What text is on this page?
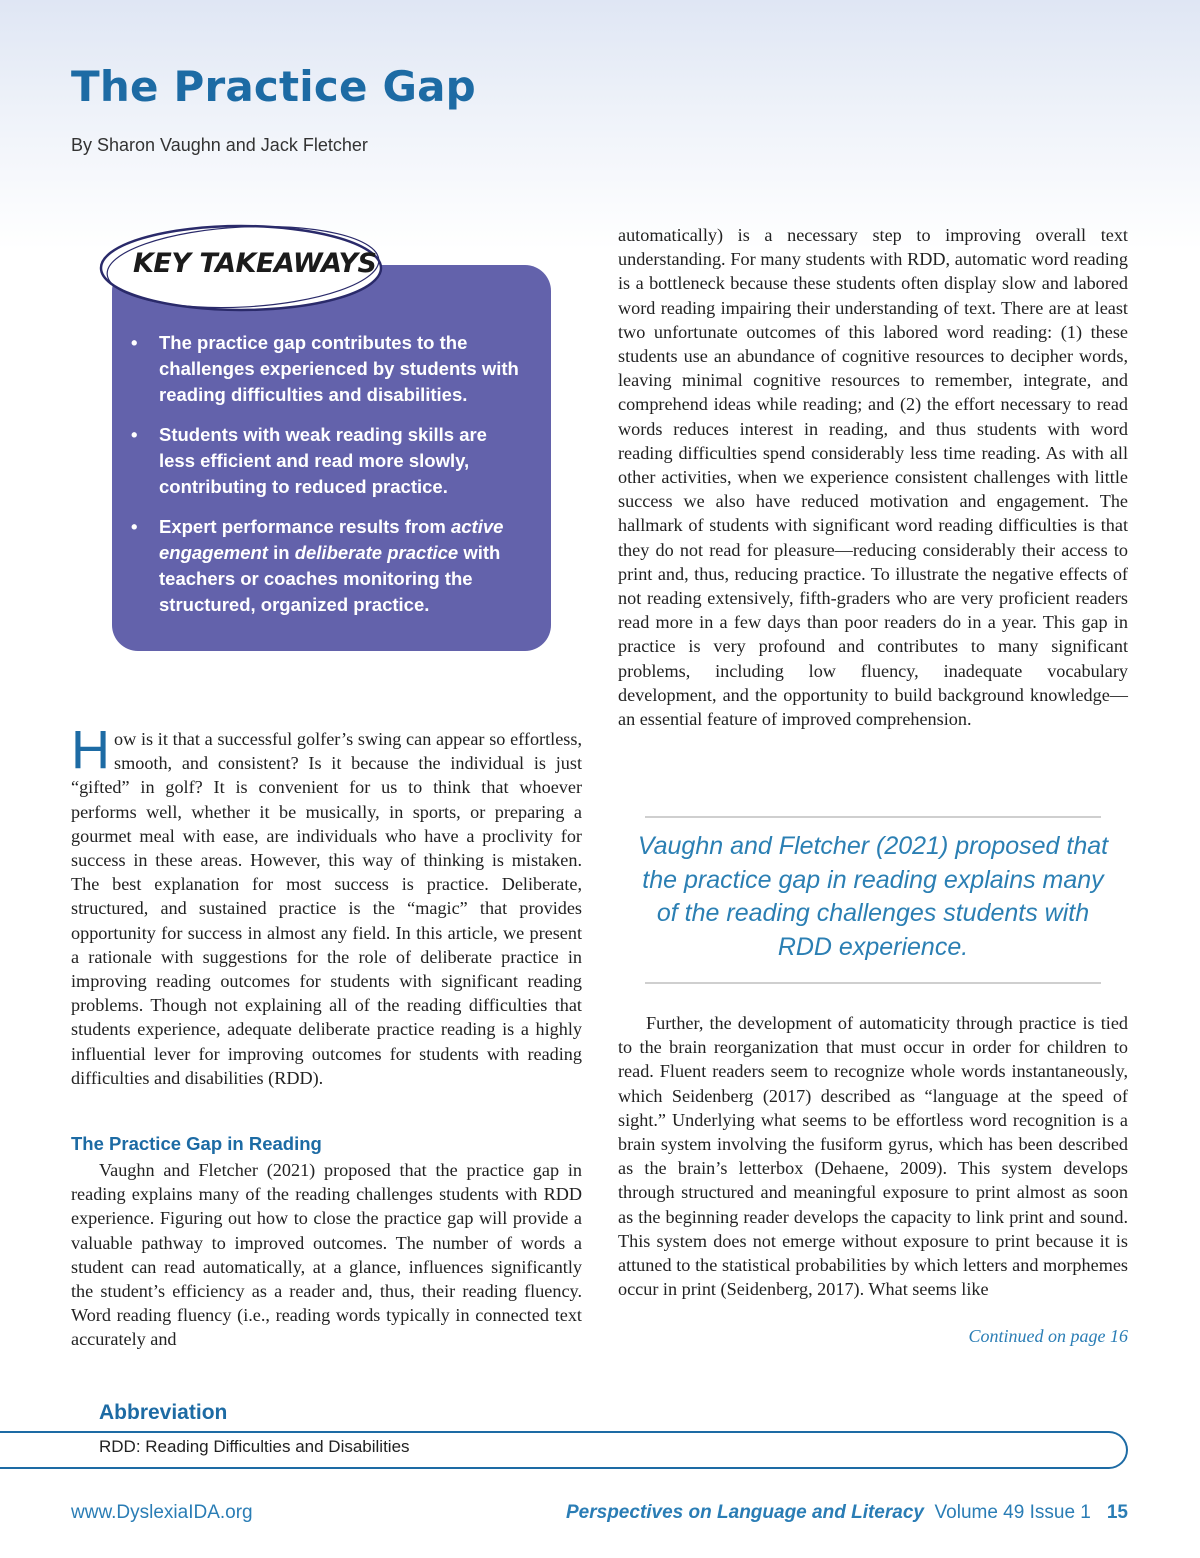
The Practice Gap
By Sharon Vaughn and Jack Fletcher
KEY TAKEAWAYS
• The practice gap contributes to the challenges experienced by students with reading difficulties and disabilities.
• Students with weak reading skills are less efficient and read more slowly, contributing to reduced practice.
• Expert performance results from active engagement in deliberate practice with teachers or coaches monitoring the structured, organized practice.

How is it that a successful golfer’s swing can appear so effortless, smooth, and consistent? Is it because the individual is just “gifted” in golf? It is convenient for us to think that whoever performs well, whether it be musically, in sports, or preparing a gourmet meal with ease, are individuals who have a proclivity for success in these areas. However, this way of thinking is mistaken. The best explanation for most success is practice. Deliberate, structured, and sustained practice is the “magic” that provides opportunity for success in almost any field. In this article, we present a rationale with suggestions for the role of deliberate practice in improving reading outcomes for students with significant reading problems. Though not explaining all of the reading difficulties that students experience, adequate deliberate practice reading is a highly influential lever for improving outcomes for students with reading difficulties and disabilities (RDD).

The Practice Gap in Reading

Vaughn and Fletcher (2021) proposed that the practice gap in reading explains many of the reading challenges students with RDD experience. Figuring out how to close the practice gap will provide a valuable pathway to improved outcomes. The number of words a student can read automatically, at a glance, influences significantly the student’s efficiency as a reader and, thus, their reading fluency. Word reading fluency (i.e., reading words typically in connected text accurately and

automatically) is a necessary step to improving overall text understanding. For many students with RDD, automatic word reading is a bottleneck because these students often display slow and labored word reading impairing their understanding of text. There are at least two unfortunate outcomes of this labored word reading: (1) these students use an abundance of cognitive resources to decipher words, leaving minimal cognitive resources to remember, integrate, and comprehend ideas while reading; and (2) the effort necessary to read words reduces interest in reading, and thus students with word reading difficulties spend considerably less time reading. As with all other activities, when we experience consistent challenges with little success we also have reduced motivation and engagement. The hallmark of students with significant word reading difficulties is that they do not read for pleasure—reducing considerably their access to print and, thus, reducing practice. To illustrate the negative effects of not reading extensively, fifth-graders who are very proficient readers read more in a few days than poor readers do in a year. This gap in practice is very profound and contributes to many significant problems, including low fluency, inadequate vocabulary development, and the opportunity to build background knowledge—an essential feature of improved comprehension.

Vaughn and Fletcher (2021) proposed that the practice gap in reading explains many of the reading challenges students with RDD experience.

Further, the development of automaticity through practice is tied to the brain reorganization that must occur in order for children to read. Fluent readers seem to recognize whole words instantaneously, which Seidenberg (2017) described as “language at the speed of sight.” Underlying what seems to be effortless word recognition is a brain system involving the fusiform gyrus, which has been described as the brain’s letterbox (Dehaene, 2009). This system develops through structured and meaningful exposure to print almost as soon as the beginning reader develops the capacity to link print and sound. This system does not emerge without exposure to print because it is attuned to the statistical probabilities by which letters and morphemes occur in print (Seidenberg, 2017). What seems like

Continued on page 16
Abbreviation
RDD: Reading Difficulties and Disabilities
www.DyslexiaIDA.org	Perspectives on Language and Literacy Volume 49 Issue 1 15
